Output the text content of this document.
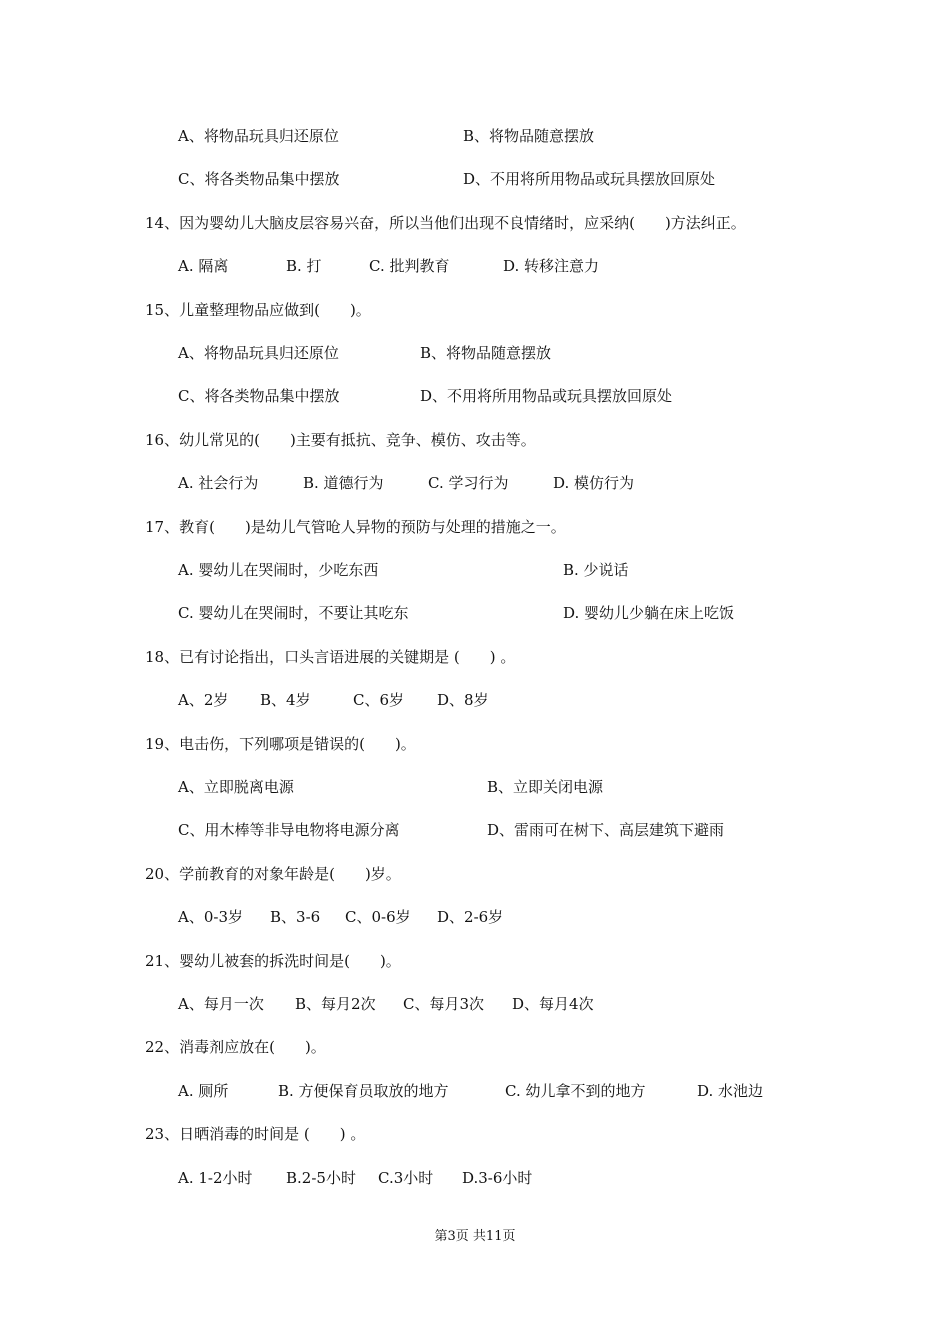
A、将物品玩具归还原位	B、将物品随意摆放
C、将各类物品集中摆放	D、不用将所用物品或玩具摆放回原处
14、因为婴幼儿大脑皮层容易兴奋，所以当他们出现不良情绪时，应采纳(　　)方法纠正。
A. 隔离	B. 打	C. 批判教育	D. 转移注意力
15、儿童整理物品应做到(　　)。
A、将物品玩具归还原位	B、将物品随意摆放
C、将各类物品集中摆放	D、不用将所用物品或玩具摆放回原处
16、幼儿常见的(　　)主要有抵抗、竞争、模仿、攻击等。
A. 社会行为	B. 道德行为	C. 学习行为	D. 模仿行为
17、教育(　　)是幼儿气管呛人异物的预防与处理的措施之一。
A. 婴幼儿在哭闹时，少吃东西	B. 少说话
C. 婴幼儿在哭闹时，不要让其吃东	D. 婴幼儿少躺在床上吃饭
18、已有讨论指出，口头言语进展的关键期是 (　　) 。
A、2岁 B、4岁	C、6岁 D、8岁
19、电击伤，下列哪项是错误的(　　)。
A、立即脱离电源	B、立即关闭电源
C、用木棒等非导电物将电源分离	D、雷雨可在树下、高层建筑下避雨
20、学前教育的对象年龄是(　　)岁。
A、0-3岁 B、3-6 C、0-6岁 D、2-6岁
21、婴幼儿被套的拆洗时间是(　　)。
A、每月一次 B、每月2次 C、每月3次 D、每月4次
22、消毒剂应放在(　　)。
A. 厕所	B. 方便保育员取放的地方	C. 幼儿拿不到的地方	D. 水池边
23、日晒消毒的时间是 (　　) 。
A. 1-2小时 B.2-5小时 C.3小时 D.3-6小时
第3页 共11页
